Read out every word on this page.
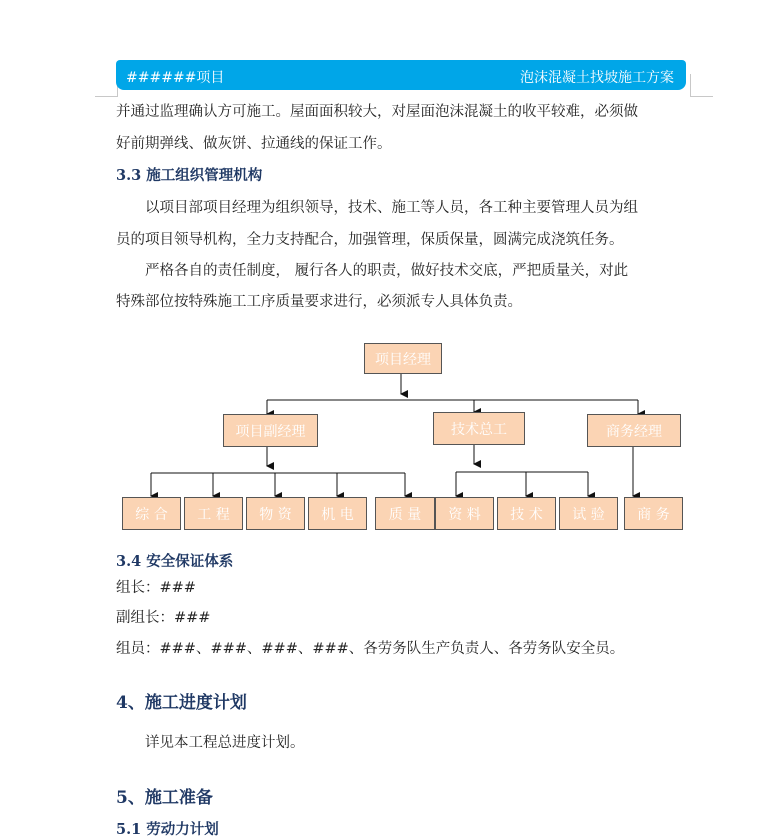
######项目	泡沫混凝土找坡施工方案
并通过监理确认方可施工。屋面面积较大，对屋面泡沫混凝土的收平较难，必须做
好前期弹线、做灰饼、拉通线的保证工作。
3.3 施工组织管理机构
以项目部项目经理为组织领导，技术、施工等人员，各工种主要管理人员为组
员的项目领导机构，全力支持配合，加强管理，保质保量，圆满完成浇筑任务。
严格各自的责任制度， 履行各人的职责，做好技术交底，严把质量关，对此
特殊部位按特殊施工工序质量要求进行，必须派专人具体负责。
项目经理
项目副经理	技术总工	商务经理
综 合	工 程	物 资	机 电	质 量	资 料	技 术	试 验	商 务
3.4 安全保证体系
组长：###
副组长：###
组员：###、###、###、###、各劳务队生产负责人、各劳务队安全员。
4、施工进度计划
详见本工程总进度计划。
5、施工准备
5.1 劳动力计划
